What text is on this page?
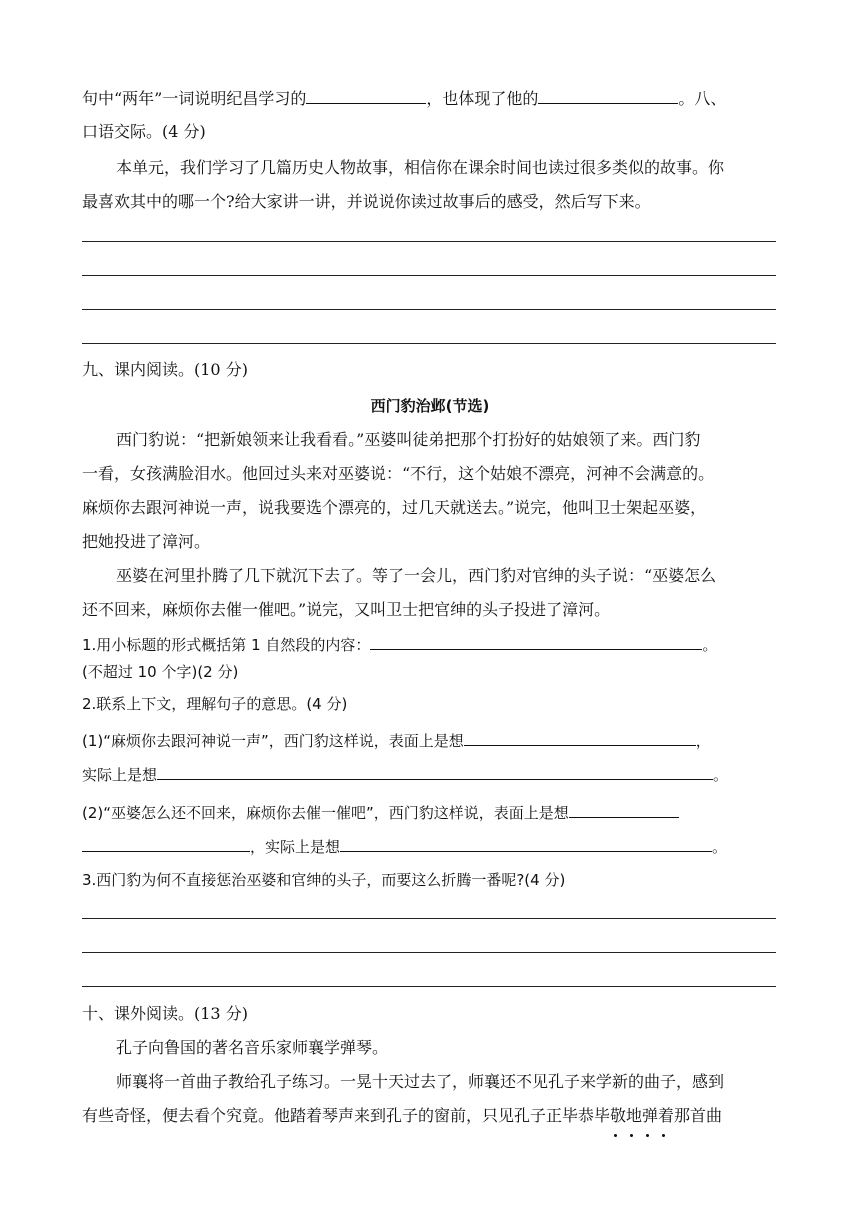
句中“两年”一词说明纪昌学习的	，也体现了他的	。八、
口语交际。(4 分)
本单元，我们学习了几篇历史人物故事，相信你在课余时间也读过很多类似的故事。你
最喜欢其中的哪一个?给大家讲一讲，并说说你读过故事后的感受，然后写下来。
九、课内阅读。(10 分)
西门豹治邺(节选)
西门豹说：“把新娘领来让我看看。”巫婆叫徒弟把那个打扮好的姑娘领了来。西门豹
一看，女孩满脸泪水。他回过头来对巫婆说：“不行，这个姑娘不漂亮，河神不会满意的。
麻烦你去跟河神说一声，说我要选个漂亮的，过几天就送去。”说完，他叫卫士架起巫婆，
把她投进了漳河。
巫婆在河里扑腾了几下就沉下去了。等了一会儿，西门豹对官绅的头子说：“巫婆怎么
还不回来，麻烦你去催一催吧。”说完，又叫卫士把官绅的头子投进了漳河。
1.用小标题的形式概括第 1 自然段的内容：	。
(不超过 10 个字)(2 分)
2.联系上下文，理解句子的意思。(4 分)
(1)“麻烦你去跟河神说一声”，西门豹这样说，表面上是想	，
实际上是想	。
(2)“巫婆怎么还不回来，麻烦你去催一催吧”，西门豹这样说，表面上是想
，实际上是想	。
3.西门豹为何不直接惩治巫婆和官绅的头子，而要这么折腾一番呢?(4 分)
十、课外阅读。(13 分)
孔子向鲁国的著名音乐家师襄学弹琴。
师襄将一首曲子教给孔子练习。一晃十天过去了，师襄还不见孔子来学新的曲子，感到
有些奇怪，便去看个究竟。他踏着琴声来到孔子的窗前，只见孔子正毕恭毕敬地弹着那首曲
